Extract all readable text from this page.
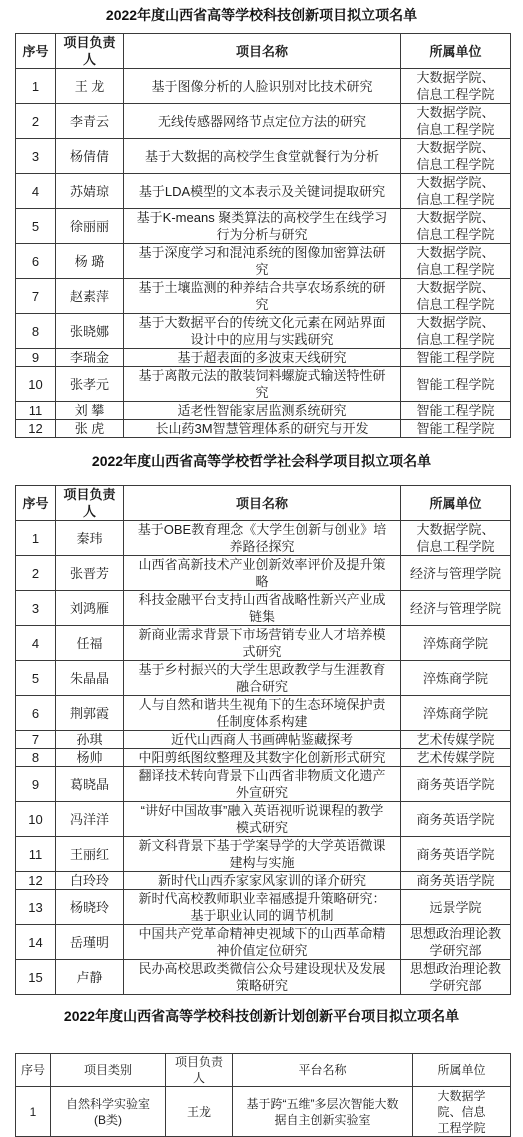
2022年度山西省高等学校科技创新项目拟立项名单
序号	项目负责人	项目名称	所属单位
1	王 龙	基于图像分析的人脸识别对比技术研究	大数据学院、信息工程学院
2	李青云	无线传感器网络节点定位方法的研究	大数据学院、信息工程学院
3	杨倩倩	基于大数据的高校学生食堂就餐行为分析	大数据学院、信息工程学院
4	苏婧琼	基于LDA模型的文本表示及关键词提取研究	大数据学院、信息工程学院
5	徐丽丽	基于K-means 聚类算法的高校学生在线学习行为分析与研究	大数据学院、信息工程学院
6	杨 璐	基于深度学习和混沌系统的图像加密算法研究	大数据学院、信息工程学院
7	赵素萍	基于土壤监测的种养结合共享农场系统的研究	大数据学院、信息工程学院
8	张晓娜	基于大数据平台的传统文化元素在网站界面设计中的应用与实践研究	大数据学院、信息工程学院
9	李瑞金	基于超表面的多波束天线研究	智能工程学院
10	张孝元	基于离散元法的散装饲料螺旋式输送特性研究	智能工程学院
11	刘 攀	适老性智能家居监测系统研究	智能工程学院
12	张 虎	长山药3M智慧管理体系的研究与开发	智能工程学院
2022年度山西省高等学校哲学社会科学项目拟立项名单
序号	项目负责人	项目名称	所属单位
1	秦玮	基于OBE教育理念《大学生创新与创业》培养路径探究	大数据学院、信息工程学院
2	张晋芳	山西省高新技术产业创新效率评价及提升策略	经济与管理学院
3	刘鸿雁	科技金融平台支持山西省战略性新兴产业成链集	经济与管理学院
4	任福	新商业需求背景下市场营销专业人才培养模式研究	淬炼商学院
5	朱晶晶	基于乡村振兴的大学生思政教学与生涯教育融合研究	淬炼商学院
6	荆郭霞	人与自然和谐共生视角下的生态环境保护责任制度体系构建	淬炼商学院
7	孙琪	近代山西商人书画碑帖鉴藏探考	艺术传媒学院
8	杨帅	中阳剪纸图纹整理及其数字化创新形式研究	艺术传媒学院
9	葛晓晶	翻译技术转向背景下山西省非物质文化遗产外宣研究	商务英语学院
10	冯洋洋	“讲好中国故事”融入英语视听说课程的教学模式研究	商务英语学院
11	王丽红	新文科背景下基于学案导学的大学英语微课建构与实施	商务英语学院
12	白玲玲	新时代山西乔家家风家训的译介研究	商务英语学院
13	杨晓玲	新时代高校教师职业幸福感提升策略研究：基于职业认同的调节机制	远景学院
14	岳瑾明	中国共产党革命精神史视域下的山西革命精神价值定位研究	思想政治理论教学研究部
15	卢静	民办高校思政类微信公众号建设现状及发展策略研究	思想政治理论教学研究部
2022年度山西省高等学校科技创新计划创新平台项目拟立项名单
序号	项目类别	项目负责人	平台名称	所属单位
1	自然科学实验室(B类)	王龙	基于跨“五维”多层次智能大数据自主创新实验室	大数据学院、信息工程学院
